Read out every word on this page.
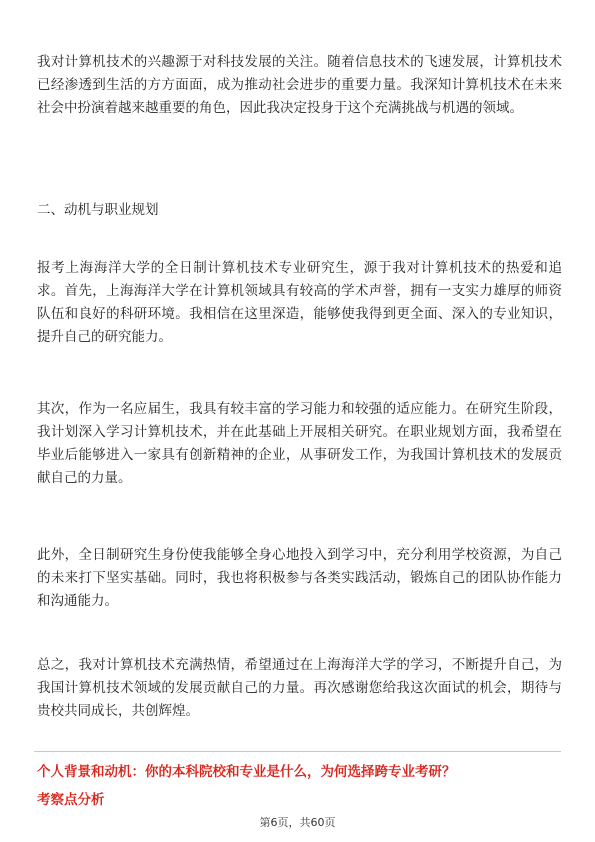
我对计算机技术的兴趣源于对科技发展的关注。随着信息技术的飞速发展，计算机技术已经渗透到生活的方方面面，成为推动社会进步的重要力量。我深知计算机技术在未来社会中扮演着越来越重要的角色，因此我决定投身于这个充满挑战与机遇的领域。

二、动机与职业规划

报考上海海洋大学的全日制计算机技术专业研究生，源于我对计算机技术的热爱和追求。首先，上海海洋大学在计算机领域具有较高的学术声誉，拥有一支实力雄厚的师资队伍和良好的科研环境。我相信在这里深造，能够使我得到更全面、深入的专业知识，提升自己的研究能力。

其次，作为一名应届生，我具有较丰富的学习能力和较强的适应能力。在研究生阶段，我计划深入学习计算机技术，并在此基础上开展相关研究。在职业规划方面，我希望在毕业后能够进入一家具有创新精神的企业，从事研发工作，为我国计算机技术的发展贡献自己的力量。

此外，全日制研究生身份使我能够全身心地投入到学习中，充分利用学校资源，为自己的未来打下坚实基础。同时，我也将积极参与各类实践活动，锻炼自己的团队协作能力和沟通能力。

总之，我对计算机技术充满热情，希望通过在上海海洋大学的学习，不断提升自己，为我国计算机技术领域的发展贡献自己的力量。再次感谢您给我这次面试的机会，期待与贵校共同成长，共创辉煌。

个人背景和动机：你的本科院校和专业是什么，为何选择跨专业考研？

考察点分析

第6页，共60页
